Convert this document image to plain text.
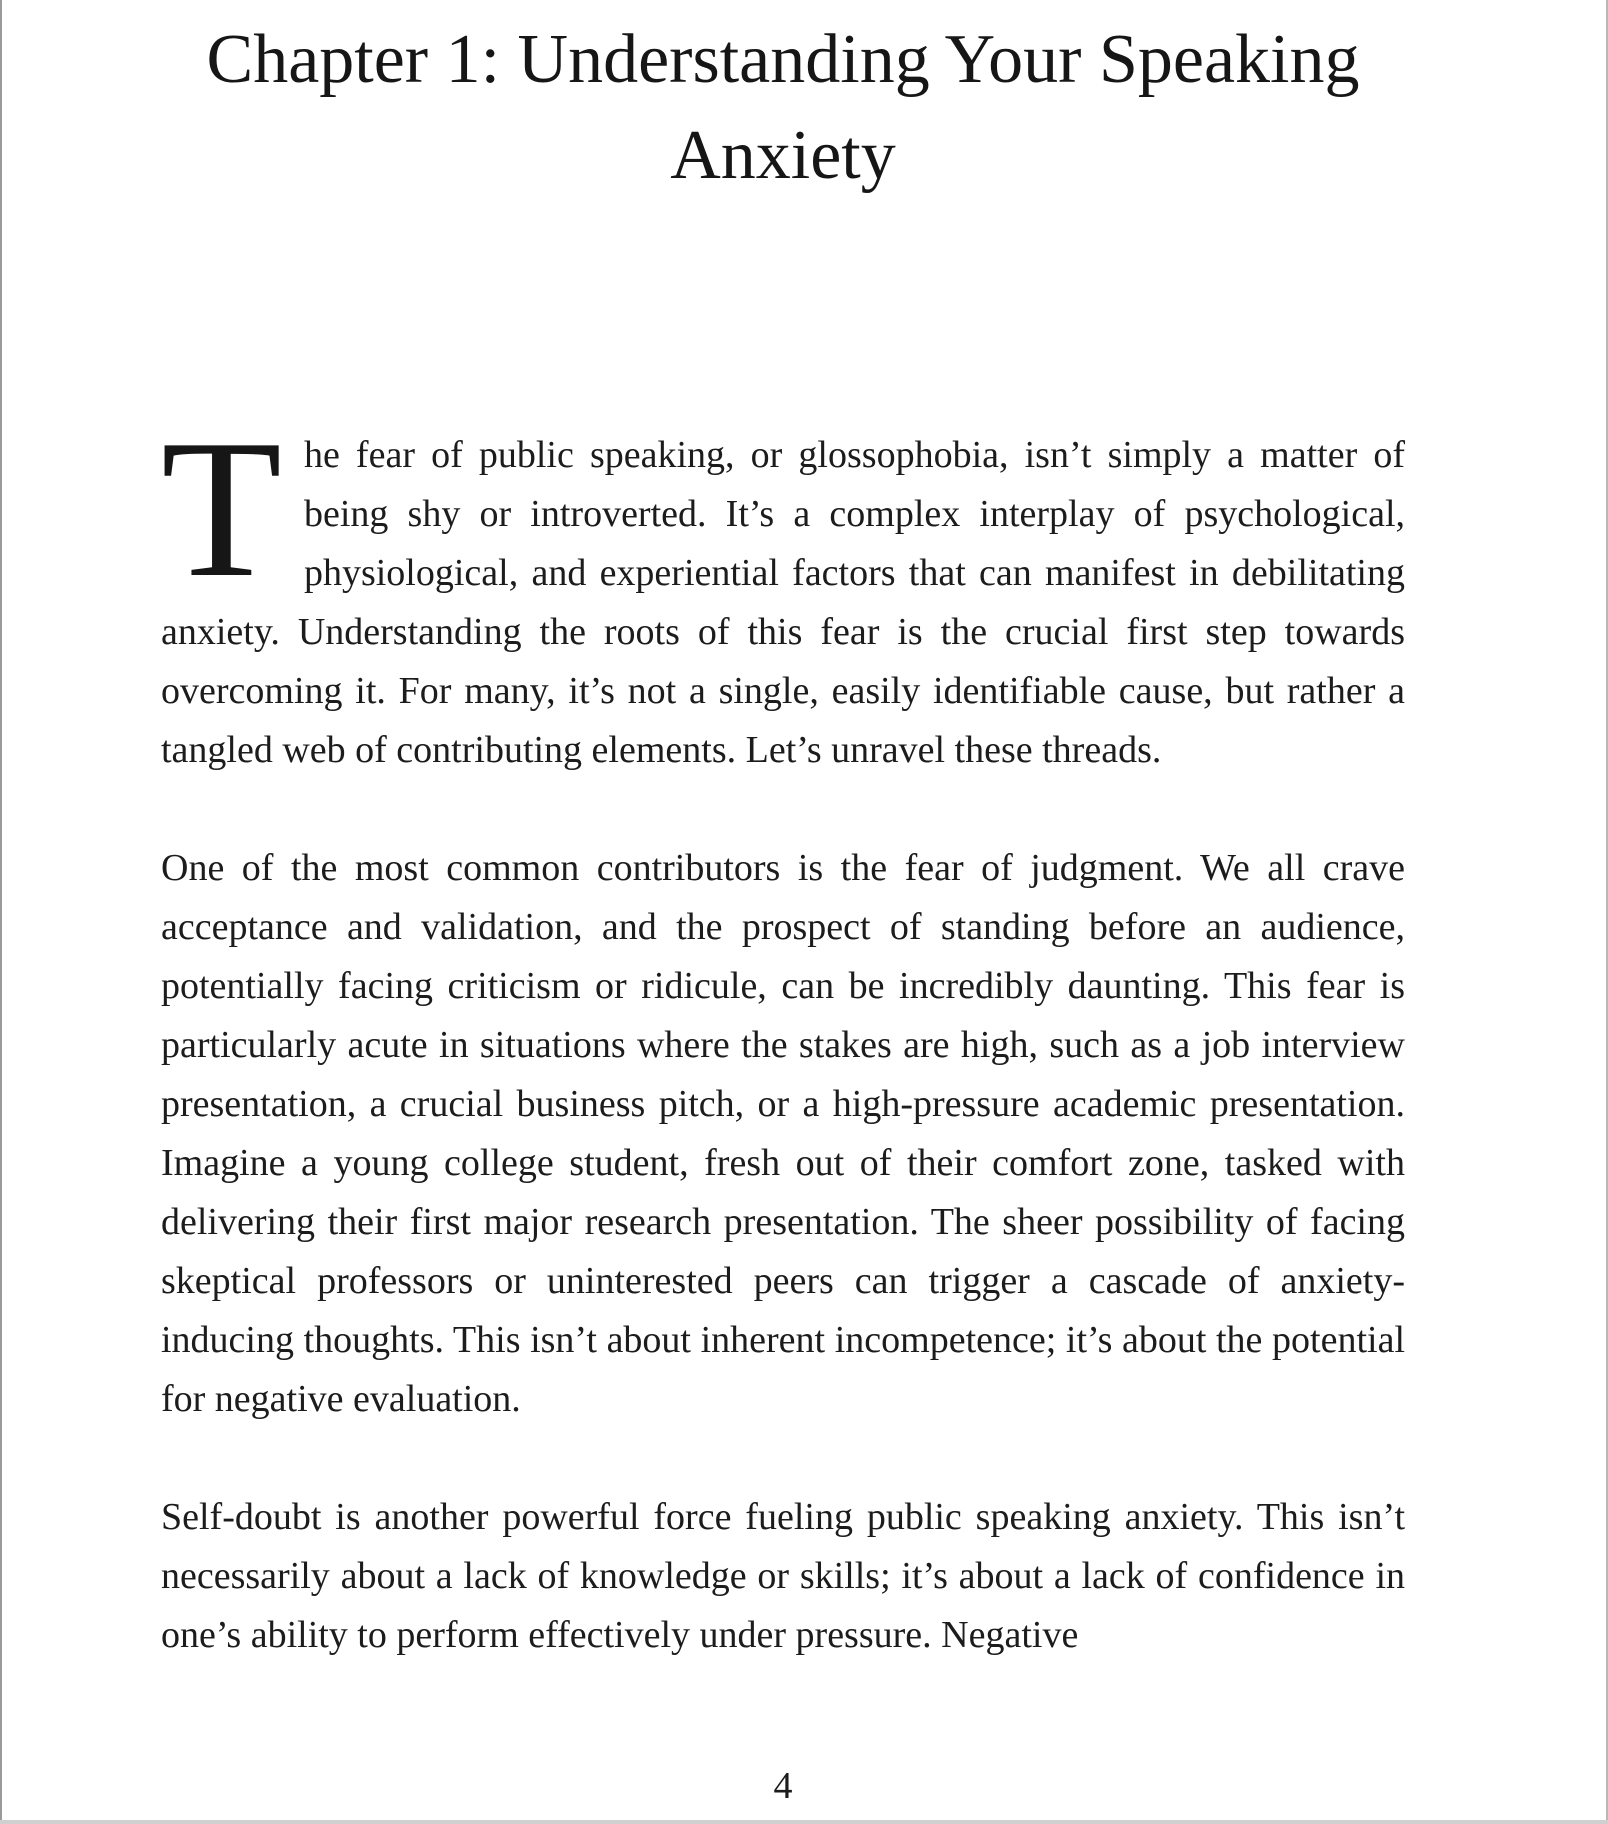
Chapter 1: Understanding Your Speaking Anxiety

The fear of public speaking, or glossophobia, isn’t simply a matter of being shy or introverted. It’s a complex interplay of psychological, physiological, and experiential factors that can manifest in debilitating anxiety. Understanding the roots of this fear is the crucial first step towards overcoming it. For many, it’s not a single, easily identifiable cause, but rather a tangled web of contributing elements. Let’s unravel these threads.

One of the most common contributors is the fear of judgment. We all crave acceptance and validation, and the prospect of standing before an audience, potentially facing criticism or ridicule, can be incredibly daunting. This fear is particularly acute in situations where the stakes are high, such as a job interview presentation, a crucial business pitch, or a high-pressure academic presentation. Imagine a young college student, fresh out of their comfort zone, tasked with delivering their first major research presentation. The sheer possibility of facing skeptical professors or uninterested peers can trigger a cascade of anxiety-inducing thoughts. This isn’t about inherent incompetence; it’s about the potential for negative evaluation.

Self-doubt is another powerful force fueling public speaking anxiety. This isn’t necessarily about a lack of knowledge or skills; it’s about a lack of confidence in one’s ability to perform effectively under pressure. Negative

4
